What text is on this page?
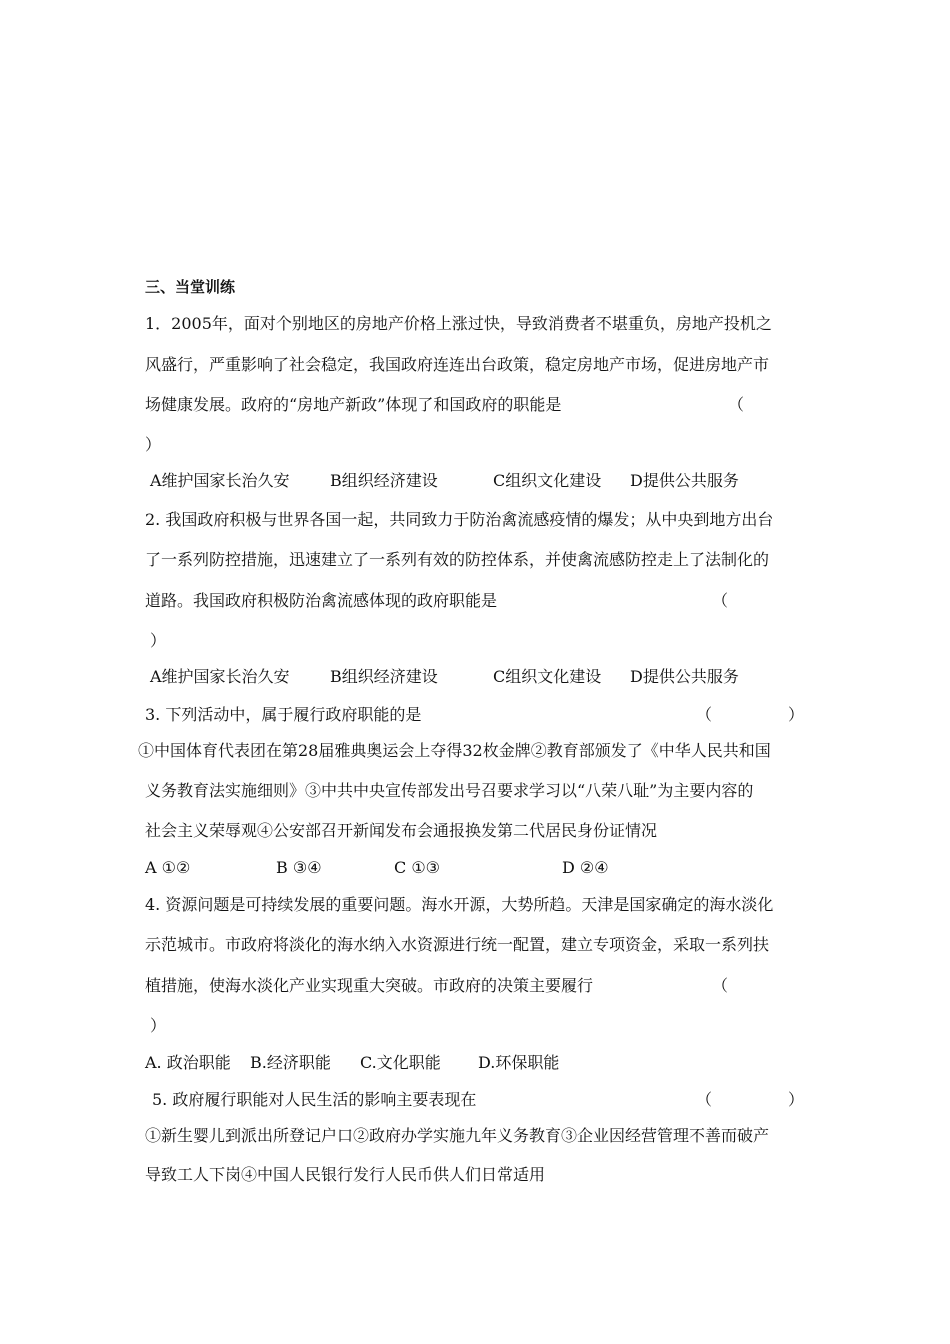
三、当堂训练
1．2005年，面对个别地区的房地产价格上涨过快，导致消费者不堪重负，房地产投机之
风盛行，严重影响了社会稳定，我国政府连连出台政策，稳定房地产市场，促进房地产市
场健康发展。政府的“房地产新政”体现了和国政府的职能是	（
）
A维护国家长治久安	B组织经济建设	C组织文化建设 D提供公共服务
2. 我国政府积极与世界各国一起，共同致力于防治禽流感疫情的爆发；从中央到地方出台
了一系列防控措施，迅速建立了一系列有效的防控体系，并使禽流感防控走上了法制化的
道路。我国政府积极防治禽流感体现的政府职能是	（
）
A维护国家长治久安	B组织经济建设	C组织文化建设 D提供公共服务
3. 下列活动中，属于履行政府职能的是	（	）
①中国体育代表团在第28届雅典奥运会上夺得32枚金牌②教育部颁发了《中华人民共和国
义务教育法实施细则》③中共中央宣传部发出号召要求学习以“八荣八耻”为主要内容的
社会主义荣辱观④公安部召开新闻发布会通报换发第二代居民身份证情况
A ①②	B ③④	C ①③	D ②④
4. 资源问题是可持续发展的重要问题。海水开源，大势所趋。天津是国家确定的海水淡化
示范城市。市政府将淡化的海水纳入水资源进行统一配置，建立专项资金，采取一系列扶
植措施，使海水淡化产业实现重大突破。市政府的决策主要履行	（
）
A. 政治职能 B.经济职能 C.文化职能 D.环保职能
5. 政府履行职能对人民生活的影响主要表现在	（	）
①新生婴儿到派出所登记户口②政府办学实施九年义务教育③企业因经营管理不善而破产
导致工人下岗④中国人民银行发行人民币供人们日常适用
